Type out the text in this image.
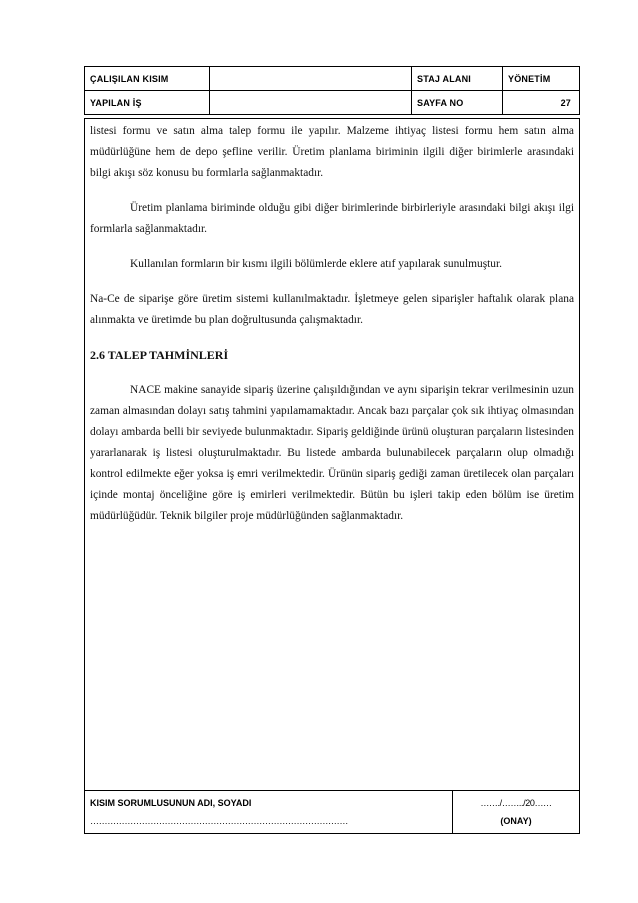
ÇALIŞILAN KISIM		STAJ ALANI	YÖNETİM
YAPILAN İŞ		SAYFA NO	27

listesi formu ve satın alma talep formu ile yapılır. Malzeme ihtiyaç listesi formu hem satın alma müdürlüğüne hem de depo şefline verilir. Üretim planlama biriminin ilgili diğer birimlerle arasındaki bilgi akışı söz konusu bu formlarla sağlanmaktadır.

Üretim planlama biriminde olduğu gibi diğer birimlerinde birbirleriyle arasındaki bilgi akışı ilgi formlarla sağlanmaktadır.

Kullanılan formların bir kısmı ilgili bölümlerde eklere atıf yapılarak sunulmuştur.

Na-Ce de siparişe göre üretim sistemi kullanılmaktadır. İşletmeye gelen siparişler haftalık olarak plana alınmakta ve üretimde bu plan doğrultusunda çalışmaktadır.

2.6 TALEP TAHMİNLERİ

NACE makine sanayide sipariş üzerine çalışıldığından ve aynı siparişin tekrar verilmesinin uzun zaman almasından dolayı satış tahmini yapılamamaktadır. Ancak bazı parçalar çok sık ihtiyaç olmasından dolayı ambarda belli bir seviyede bulunmaktadır. Sipariş geldiğinde ürünü oluşturan parçaların listesinden yararlanarak iş listesi oluşturulmaktadır. Bu listede ambarda bulunabilecek parçaların olup olmadığı kontrol edilmekte eğer yoksa iş emri verilmektedir. Ürünün sipariş gediği zaman üretilecek olan parçaları içinde montaj önceliğine göre iş emirleri verilmektedir. Bütün bu işleri takip eden bölüm ise üretim müdürlüğüdür. Teknik bilgiler proje müdürlüğünden sağlanmaktadır.

KISIM SORUMLUSUNUN ADI, SOYADI
………………………………………………………………………………

……./……../20……
(ONAY)
